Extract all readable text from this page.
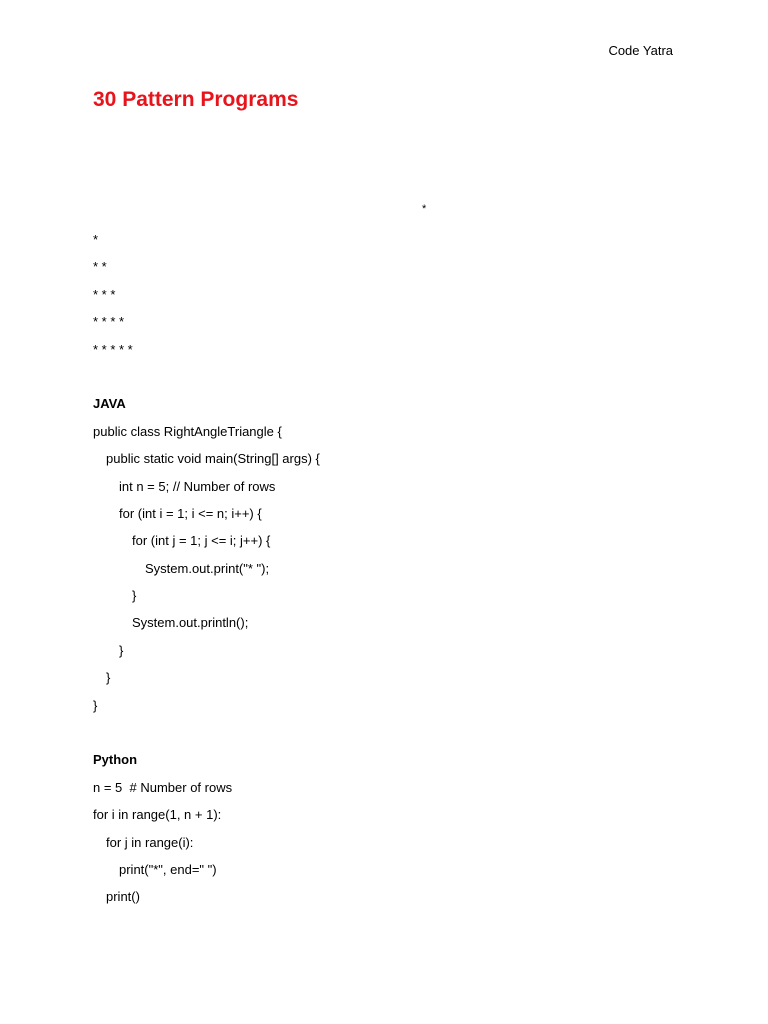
Code Yatra
30 Pattern Programs
*
*
* *
* * *
* * * *
* * * * *
JAVA
public class RightAngleTriangle {
public static void main(String[] args) {
int n = 5; // Number of rows
for (int i = 1; i <= n; i++) {
for (int j = 1; j <= i; j++) {
System.out.print("* ");
}
System.out.println();
}
}
}
Python
n = 5  # Number of rows
for i in range(1, n + 1):
for j in range(i):
print("*", end=" ")
print()
